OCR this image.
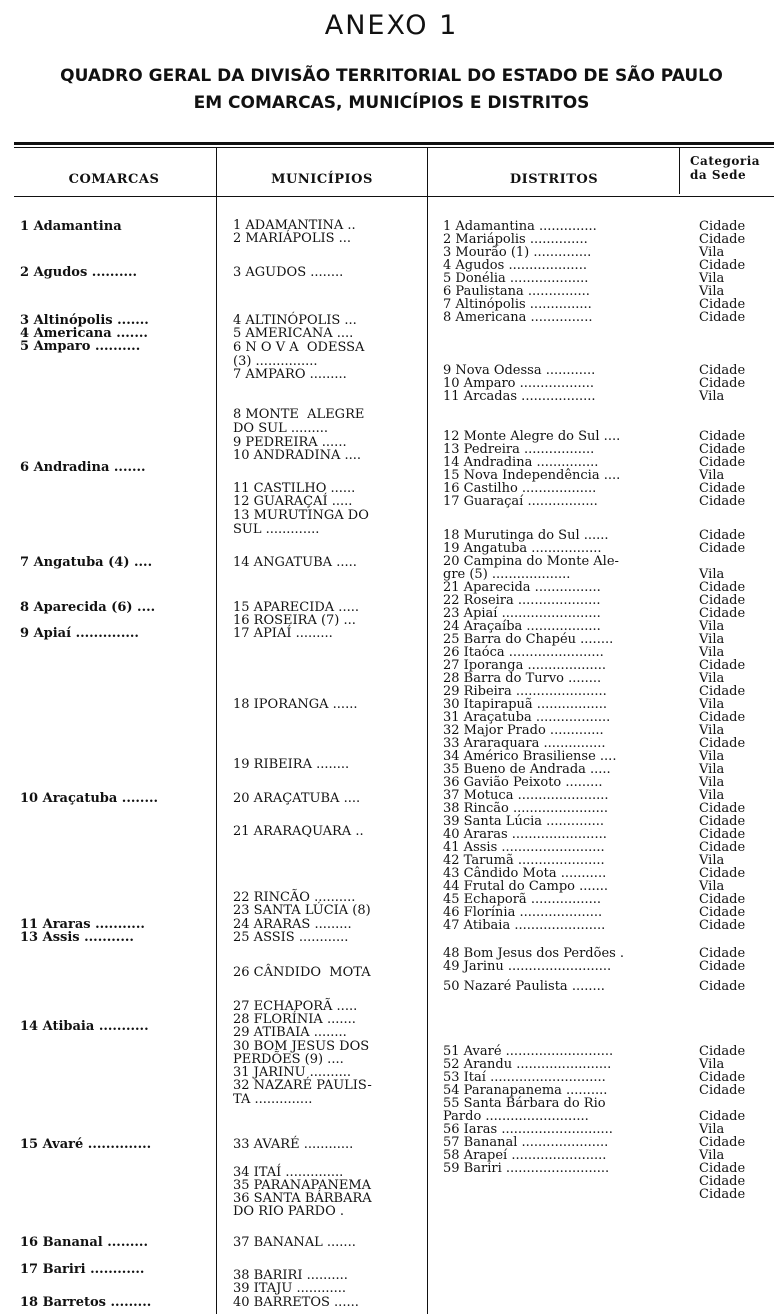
ANEXO 1
QUADRO GERAL DA DIVISÃO TERRITORIAL DO ESTADO DE SÃO PAULO
EM COMARCAS, MUNICÍPIOS E DISTRITOS
COMARCAS	MUNICÍPIOS	DISTRITOS
Categoria
da Sede
1 Adamantina
2 Agudos ..........
3 Altinópolis .......
4 Americana .......
5 Amparo ..........
6 Andradina .......
7 Angatuba (4) ....
8 Aparecida (6) ....
9 Apiaí ..............
10 Araçatuba ........
11 Araras ...........
13 Assis ...........
14 Atibaia ...........
15 Avaré ..............
16 Bananal .........
17 Bariri ............
18 Barretos .........
1 ADAMANTINA ..
2 MARIÁPOLIS ...
3 AGUDOS ........
4 ALTINÓPOLIS ...
5 AMERICANA ....
6 N O V A  ODESSA
(3) ...............
7 AMPARO .........
8 MONTE  ALEGRE
DO SUL .........
9 PEDREIRA ......
10 ANDRADINA ....
11 CASTILHO ......
12 GUARAÇAÍ .....
13 MURUTINGA DO
SUL .............
14 ANGATUBA .....
15 APARECIDA .....
16 ROSEIRA (7) ...
17 APIAÍ .........
18 IPORANGA ......
19 RIBEIRA ........
20 ARAÇATUBA ....
21 ARARAQUARA ..
22 RINCÃO ..........
23 SANTA LÚCIA (8)
24 ARARAS .........
25 ASSIS ............
26 CÂNDIDO  MOTA
27 ECHAPORÃ .....
28 FLORÍNIA .......
29 ATIBAIA ........
30 BOM JESUS DOS
PERDÕES (9) ....
31 JARINU ..........
32 NAZARÉ PAULIS-
TA ..............
33 AVARÉ ............
34 ITAÍ ..............
35 PARANAPANEMA
36 SANTA BÁRBARA
DO RIO PARDO .
37 BANANAL .......
38 BARIRI ..........
39 ITAJU ............
40 BARRETOS ......
1 Adamantina ..............
2 Mariápolis ..............
3 Mourão (1) ..............
4 Agudos ...................
5 Donélia ...................
6 Paulistana ...............
7 Altinópolis ...............
8 Americana ...............
9 Nova Odessa ............
10 Amparo ..................
11 Arcadas ..................
12 Monte Alegre do Sul ....
13 Pedreira .................
14 Andradina ...............
15 Nova Independência ....
16 Castilho ..................
17 Guaraçaí .................
18 Murutinga do Sul ......
19 Angatuba .................
20 Campina do Monte Ale-
gre (5) ...................
21 Aparecida ................
22 Roseira ....................
23 Apiaí ........................
24 Araçaíba ..................
25 Barra do Chapéu ........
26 Itaóca .......................
27 Iporanga ...................
28 Barra do Turvo ........
29 Ribeira ......................
30 Itapirapuã .................
31 Araçatuba ..................
32 Major Prado .............
33 Araraquara ...............
34 Américo Brasiliense ....
35 Bueno de Andrada .....
36 Gavião Peixoto .........
37 Motuca ......................
38 Rincão .......................
39 Santa Lúcia ..............
40 Araras .......................
41 Assis .........................
42 Tarumã .....................
43 Cândido Mota ...........
44 Frutal do Campo .......
45 Echaporã .................
46 Florínia ....................
47 Atibaia ......................
48 Bom Jesus dos Perdões .
49 Jarinu .........................
50 Nazaré Paulista ........
51 Avaré ..........................
52 Arandu .......................
53 Itaí ............................
54 Paranapanema ..........
55 Santa Bárbara do Rio
Pardo .........................
56 Iaras ...........................
57 Bananal .....................
58 Arapeí .......................
59 Bariri .........................
Cidade
Cidade
Vila
Cidade
Vila
Vila
Cidade
Cidade
Cidade
Cidade
Vila
Cidade
Cidade
Cidade
Vila
Cidade
Cidade
Cidade
Cidade
Vila
Cidade
Cidade
Cidade
Vila
Vila
Vila
Cidade
Vila
Cidade
Vila
Cidade
Vila
Cidade
Vila
Vila
Vila
Vila
Cidade
Cidade
Cidade
Cidade
Vila
Cidade
Vila
Cidade
Cidade
Cidade
Cidade
Cidade
Cidade
Cidade
Vila
Cidade
Cidade
Cidade
Vila
Cidade
Vila
Cidade
Cidade
Cidade
